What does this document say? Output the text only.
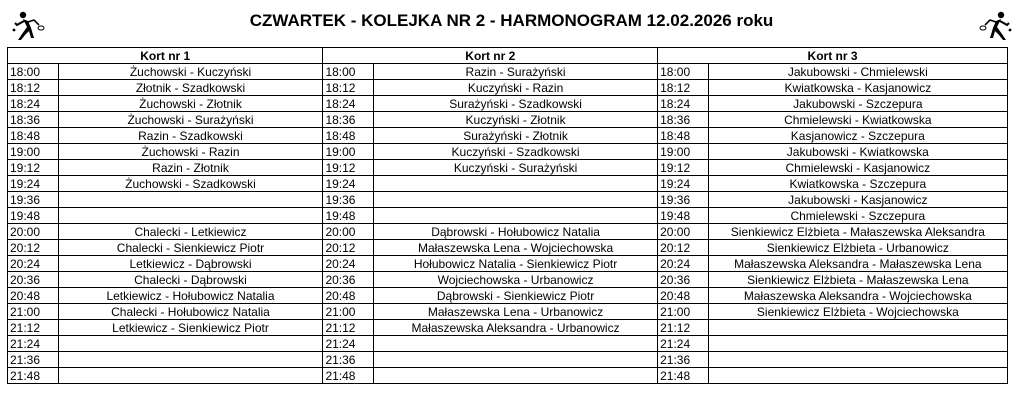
CZWARTEK - KOLEJKA NR 2 - HARMONOGRAM 12.02.2026 roku
Kort nr 1		Kort nr 2		Kort nr 3	
18:00	Żuchowski - Kuczyński	18:00	Razin - Surażyński	18:00	Jakubowski - Chmielewski
18:12	Złotnik - Szadkowski	18:12	Kuczyński - Razin	18:12	Kwiatkowska - Kasjanowicz
18:24	Żuchowski - Złotnik	18:24	Surażyński - Szadkowski	18:24	Jakubowski - Szczepura
18:36	Żuchowski - Surażyński	18:36	Kuczyński - Złotnik	18:36	Chmielewski - Kwiatkowska
18:48	Razin - Szadkowski	18:48	Surażyński - Złotnik	18:48	Kasjanowicz - Szczepura
19:00	Żuchowski - Razin	19:00	Kuczyński - Szadkowski	19:00	Jakubowski - Kwiatkowska
19:12	Razin - Złotnik	19:12	Kuczyński - Surażyński	19:12	Chmielewski - Kasjanowicz
19:24	Żuchowski - Szadkowski	19:24		19:24	Kwiatkowska - Szczepura
19:36		19:36		19:36	Jakubowski - Kasjanowicz
19:48		19:48		19:48	Chmielewski - Szczepura
20:00	Chalecki - Letkiewicz	20:00	Dąbrowski - Hołubowicz Natalia	20:00	Sienkiewicz Elżbieta - Małaszewska Aleksandra
20:12	Chalecki - Sienkiewicz Piotr	20:12	Małaszewska Lena - Wojciechowska	20:12	Sienkiewicz Elżbieta - Urbanowicz
20:24	Letkiewicz - Dąbrowski	20:24	Hołubowicz Natalia - Sienkiewicz Piotr	20:24	Małaszewska Aleksandra - Małaszewska Lena
20:36	Chalecki - Dąbrowski	20:36	Wojciechowska - Urbanowicz	20:36	Sienkiewicz Elżbieta - Małaszewska Lena
20:48	Letkiewicz - Hołubowicz Natalia	20:48	Dąbrowski - Sienkiewicz Piotr	20:48	Małaszewska Aleksandra - Wojciechowska
21:00	Chalecki - Hołubowicz Natalia	21:00	Małaszewska Lena - Urbanowicz	21:00	Sienkiewicz Elżbieta - Wojciechowska
21:12	Letkiewicz - Sienkiewicz Piotr	21:12	Małaszewska Aleksandra - Urbanowicz	21:12	
21:24		21:24		21:24	
21:36		21:36		21:36	
21:48		21:48		21:48	
